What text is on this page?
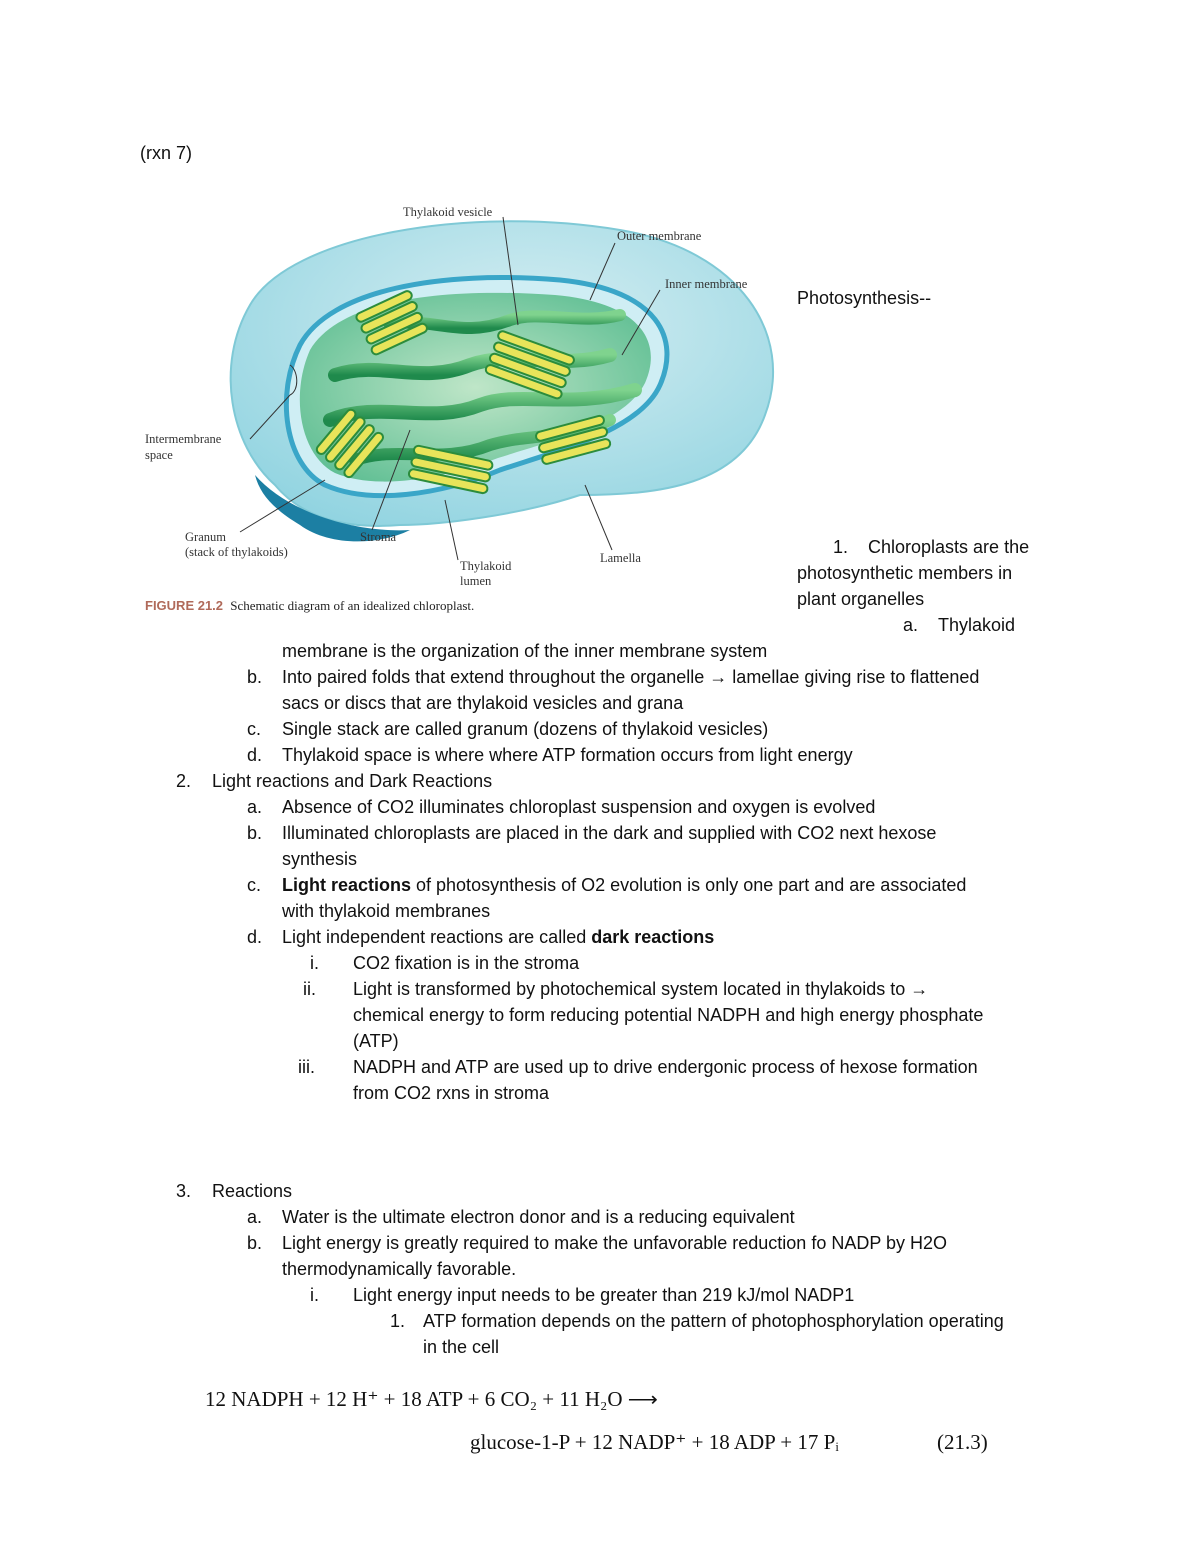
(rxn 7)
Thylakoid vesicle
Outer membrane
Inner membrane
Intermembrane
space
Granum
(stack of thylakoids)
Stroma
Thylakoid
lumen
Lamella
FIGURE 21.2 Schematic diagram of an idealized chloroplast.
Photosynthesis--
1. Chloroplasts are the
photosynthetic members in
plant organelles
a. Thylakoid
membrane is the organization of the inner membrane system
b. Into paired folds that extend throughout the organelle → lamellae giving rise to flattened
sacs or discs that are thylakoid vesicles and grana
c. Single stack are called granum (dozens of thylakoid vesicles)
d. Thylakoid space is where where ATP formation occurs from light energy
2. Light reactions and Dark Reactions
a. Absence of CO2 illuminates chloroplast suspension and oxygen is evolved
b. Illuminated chloroplasts are placed in the dark and supplied with CO2 next hexose
synthesis
c. Light reactions of photosynthesis of O2 evolution is only one part and are associated
with thylakoid membranes
d. Light independent reactions are called dark reactions
i. CO2 fixation is in the stroma
ii. Light is transformed by photochemical system located in thylakoids to →
chemical energy to form reducing potential NADPH and high energy phosphate
(ATP)
iii. NADPH and ATP are used up to drive endergonic process of hexose formation
from CO2 rxns in stroma
3. Reactions
a. Water is the ultimate electron donor and is a reducing equivalent
b. Light energy is greatly required to make the unfavorable reduction fo NADP by H2O
thermodynamically favorable.
i. Light energy input needs to be greater than 219 kJ/mol NADP1
1. ATP formation depends on the pattern of photophosphorylation operating
in the cell
12 NADPH + 12 H⁺ + 18 ATP + 6 CO₂ + 11 H₂O ⟶
glucose-1-P + 12 NADP⁺ + 18 ADP + 17 Pᵢ	(21.3)
